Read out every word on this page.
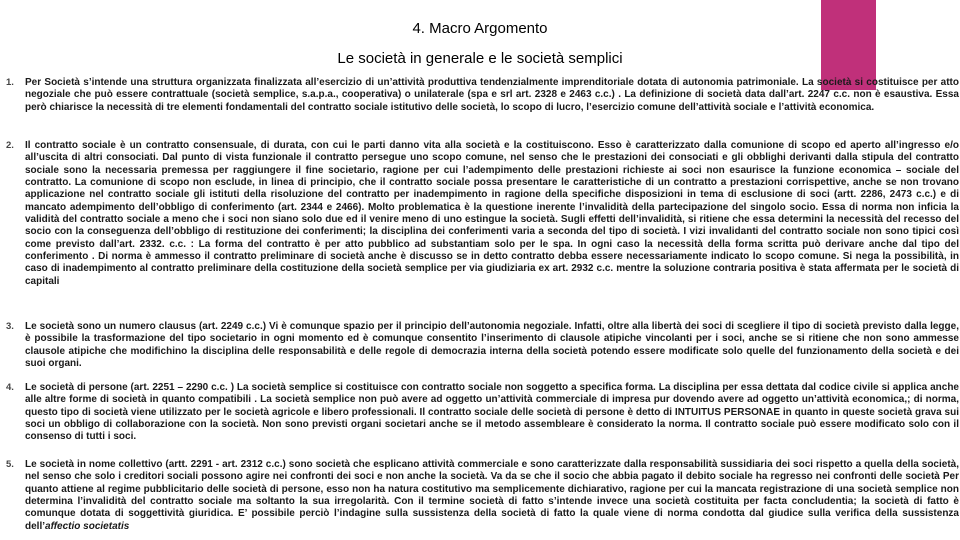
4. Macro Argomento
Le società in generale e le società semplici
1. Per Società s’intende una struttura organizzata finalizzata all’esercizio di un’attività produttiva tendenzialmente imprenditoriale dotata di autonomia patrimoniale. La società si costituisce per atto negoziale che può essere contrattuale (società semplice, s.a.p.a., cooperativa) o unilaterale (spa e srl art. 2328 e 2463 c.c.) . La definizione di società data dall’art. 2247 c.c. non è esaustiva. Essa però chiarisce la necessità di tre elementi fondamentali del contratto sociale istitutivo delle società, lo scopo di lucro, l’esercizio comune dell’attività sociale e l’attività economica.
2. Il contratto sociale è un contratto consensuale, di durata, con cui le parti danno vita alla società e la costituiscono. Esso è caratterizzato dalla comunione di scopo ed aperto all’ingresso e/o all’uscita di altri consociati. Dal punto di vista funzionale il contratto persegue uno scopo comune, nel senso che le prestazioni dei consociati e gli obblighi derivanti dalla stipula del contratto sociale sono la necessaria premessa per raggiungere il fine societario, ragione per cui l’adempimento delle prestazioni richieste ai soci non esaurisce la funzione economica – sociale del contratto. La comunione di scopo non esclude, in linea di principio, che il contratto sociale possa presentare le caratteristiche di un contratto a prestazioni corrispettive, anche se non trovano applicazione nel contratto sociale gli istituti della risoluzione del contratto per inadempimento in ragione della specifiche disposizioni in tema di esclusione di soci (artt. 2286, 2473 c.c.) e di mancato adempimento dell’obbligo di conferimento (art. 2344 e 2466). Molto problematica è la questione inerente l’invalidità della partecipazione del singolo socio. Essa di norma non inficia la validità del contratto sociale a meno che i soci non siano solo due ed il venire meno di uno estingue la società. Sugli effetti dell’invalidità, si ritiene che essa determini la necessità del recesso del socio con la conseguenza dell’obbligo di restituzione dei conferimenti; la disciplina dei conferimenti varia a seconda del tipo di società. I vizi invalidanti del contratto sociale non sono tipici così come previsto dall’art. 2332. c.c. : La forma del contratto è per atto pubblico ad substantiam solo per le spa. In ogni caso la necessità della forma scritta può derivare anche dal tipo del conferimento . Di norma è ammesso il contratto preliminare di società anche è discusso se in detto contratto debba essere necessariamente indicato lo scopo comune. Si nega la possibilità, in caso di inadempimento al contratto preliminare della costituzione della società semplice per via giudiziaria ex art. 2932 c.c. mentre la soluzione contraria positiva è stata affermata per le società di capitali
3. Le società sono un numero clausus (art. 2249 c.c.) Vi è comunque spazio per il principio dell’autonomia negoziale. Infatti, oltre alla libertà dei soci di scegliere il tipo di società previsto dalla legge, è possibile la trasformazione del tipo societario in ogni momento ed è comunque consentito l’inserimento di clausole atipiche vincolanti per i soci, anche se si ritiene che non sono ammesse clausole atipiche che modifichino la disciplina delle responsabilità e delle regole di democrazia interna della società potendo essere modificate solo quelle del funzionamento della società e dei suoi organi.
4. Le società di persone (art. 2251 – 2290 c.c. ) La società semplice si costituisce con contratto sociale non soggetto a specifica forma. La disciplina per essa dettata dal codice civile si applica anche alle altre forme di società in quanto compatibili . La società semplice non può avere ad oggetto un’attività commerciale di impresa pur dovendo avere ad oggetto un’attività economica,; di norma, questo tipo di società viene utilizzato per le società agricole e libero professionali. Il contratto sociale delle società di persone è detto di INTUITUS PERSONAE in quanto in queste società grava sui soci un obbligo di collaborazione con la società. Non sono previsti organi societari anche se il metodo assembleare è considerato la norma. Il contratto sociale può essere modificato solo con il consenso di tutti i soci.
5. Le società in nome collettivo (artt. 2291 - art. 2312 c.c.) sono società che esplicano attività commerciale e sono caratterizzate dalla responsabilità sussidiaria dei soci rispetto a quella della società, nel senso che solo i creditori sociali possono agire nei confronti dei soci e non anche la società. Va da se che il socio che abbia pagato il debito sociale ha regresso nei confronti delle società Per quanto attiene al regime pubblicitario delle società di persone, esso non ha natura costitutivo ma semplicemente dichiarativo, ragione per cui la mancata registrazione di una società semplice non determina l’invalidità del contratto sociale ma soltanto la sua irregolarità. Con il termine società di fatto s’intende invece una società costituita per facta concludentia; la società di fatto è comunque dotata di soggettività giuridica. E’ possibile perciò l’indagine sulla sussistenza della società di fatto la quale viene di norma condotta dal giudice sulla verifica della sussistenza dell’affectio societatis
